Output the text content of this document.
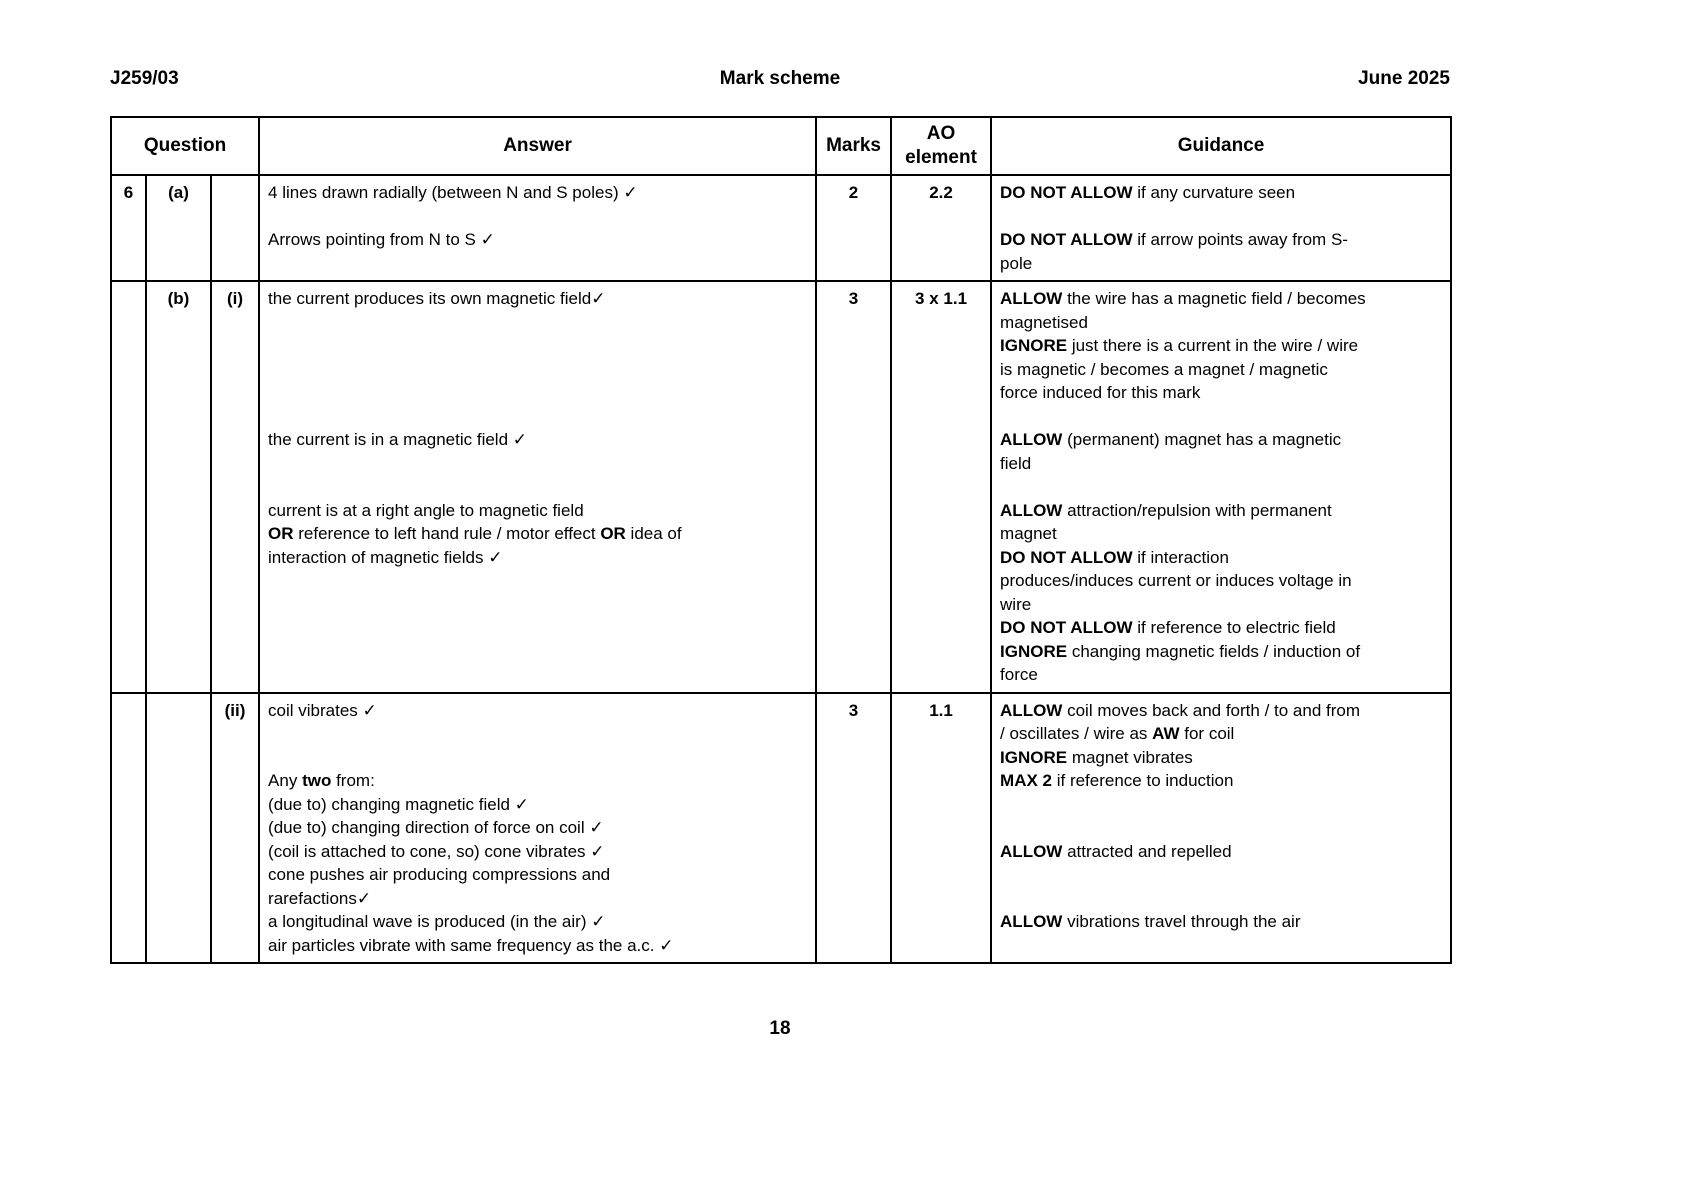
J259/03	Mark scheme	June 2025
Question			Answer	Marks	AO element	Guidance
6	(a)		4 lines drawn radially (between N and S poles) ✓

Arrows pointing from N to S ✓
	2	2.2	DO NOT ALLOW if any curvature seen

DO NOT ALLOW if arrow points away from S-
pole

	(b)	(i)	the current produces its own magnetic field✓

the current is in a magnetic field ✓

current is at a right angle to magnetic field
OR reference to left hand rule / motor effect OR idea of
interaction of magnetic fields ✓
	3	3 x 1.1	ALLOW the wire has a magnetic field / becomes
magnetised
IGNORE just there is a current in the wire / wire
is magnetic / becomes a magnet / magnetic
force induced for this mark

ALLOW (permanent) magnet has a magnetic
field

ALLOW attraction/repulsion with permanent
magnet
DO NOT ALLOW if interaction
produces/induces current or induces voltage in
wire
DO NOT ALLOW if reference to electric field
IGNORE changing magnetic fields / induction of
force

		(ii)	coil vibrates ✓

Any two from:
(due to) changing magnetic field ✓
(due to) changing direction of force on coil ✓
(coil is attached to cone, so) cone vibrates ✓
cone pushes air producing compressions and
rarefactions✓
a longitudinal wave is produced (in the air) ✓
air particles vibrate with same frequency as the a.c. ✓
	3	1.1	ALLOW coil moves back and forth / to and from
/ oscillates / wire as AW for coil
IGNORE magnet vibrates
MAX 2 if reference to induction

ALLOW attracted and repelled

ALLOW vibrations travel through the air
18
